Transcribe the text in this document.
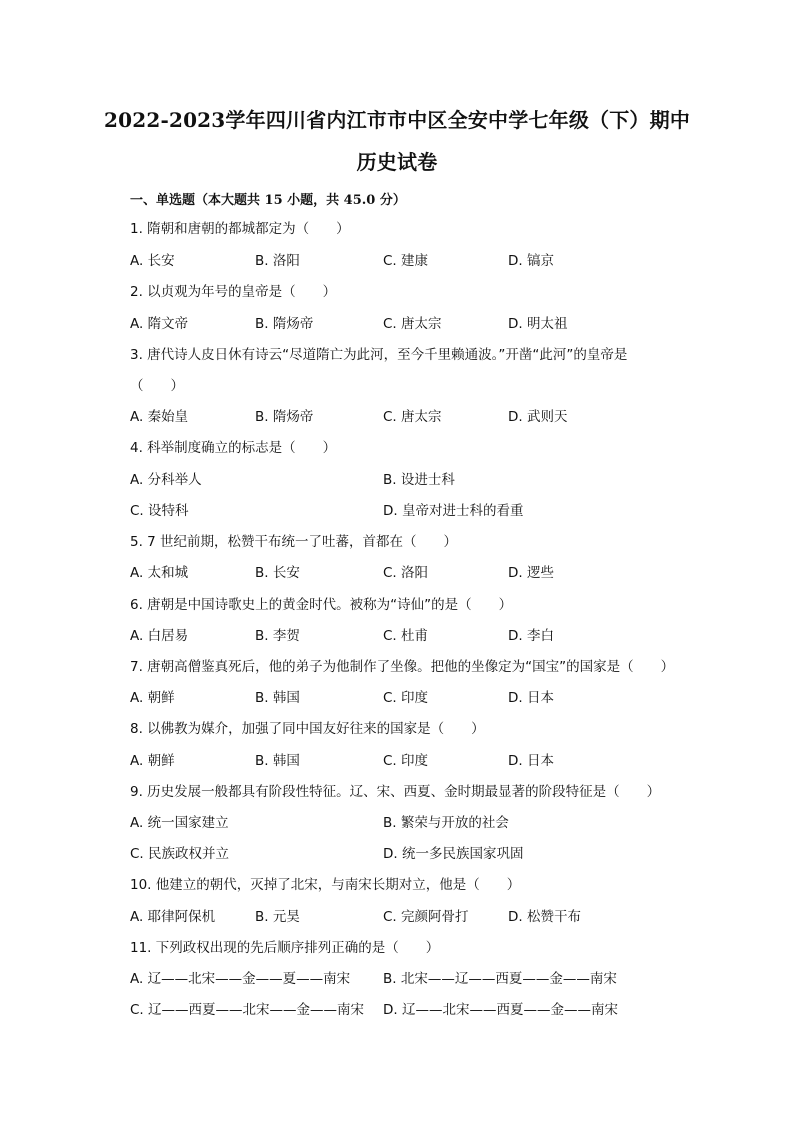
2022-2023学年四川省内江市市中区全安中学七年级（下）期中
历史试卷
一、单选题（本大题共 15 小题，共 45.0 分）
1. 隋朝和唐朝的都城都定为（　　）
A. 长安	B. 洛阳	C. 建康	D. 镐京
2. 以贞观为年号的皇帝是（　　）
A. 隋文帝	B. 隋炀帝	C. 唐太宗	D. 明太祖
3. 唐代诗人皮日休有诗云“尽道隋亡为此河，至今千里赖通波。”开凿“此河”的皇帝是
（　　）
A. 秦始皇	B. 隋炀帝	C. 唐太宗	D. 武则天
4. 科举制度确立的标志是（　　）
A. 分科举人	B. 设进士科
C. 设特科	D. 皇帝对进士科的看重
5. 7 世纪前期，松赞干布统一了吐蕃，首都在（　　）
A. 太和城	B. 长安	C. 洛阳	D. 逻些
6. 唐朝是中国诗歌史上的黄金时代。被称为“诗仙”的是（　　）
A. 白居易	B. 李贺	C. 杜甫	D. 李白
7. 唐朝高僧鉴真死后，他的弟子为他制作了坐像。把他的坐像定为“国宝”的国家是（　　）
A. 朝鲜	B. 韩国	C. 印度	D. 日本
8. 以佛教为媒介，加强了同中国友好往来的国家是（　　）
A. 朝鲜	B. 韩国	C. 印度	D. 日本
9. 历史发展一般都具有阶段性特征。辽、宋、西夏、金时期最显著的阶段特征是（　　）
A. 统一国家建立	B. 繁荣与开放的社会
C. 民族政权并立	D. 统一多民族国家巩固
10. 他建立的朝代，灭掉了北宋，与南宋长期对立，他是（　　）
A. 耶律阿保机	B. 元昊	C. 完颜阿骨打	D. 松赞干布
11. 下列政权出现的先后顺序排列正确的是（　　）
A. 辽——北宋——金——夏——南宋 B. 北宋——辽——西夏——金——南宋
C. 辽——西夏——北宋——金——南宋 D. 辽——北宋——西夏——金——南宋
